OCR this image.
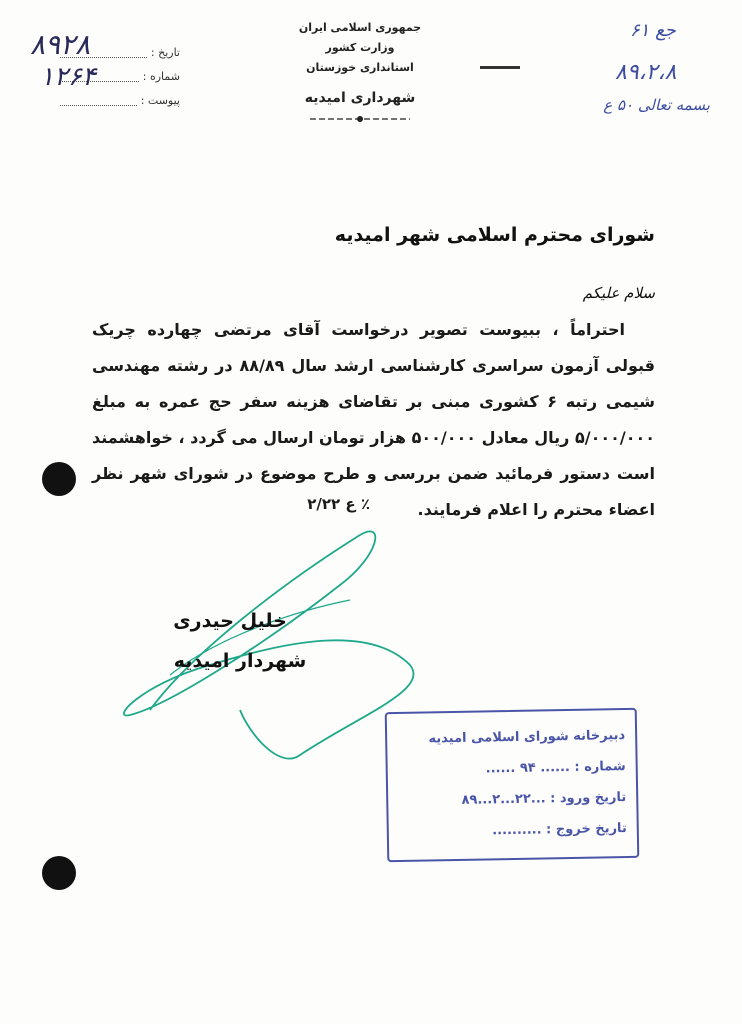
جمهوری اسلامی ایران
وزارت کشور
استانداری خوزستان
شهرداری امیدیه
تاریخ :
شماره :
پیوست :
۸۹۲۸
۱۲۶۴
جع ۶۱
۸۹،۲،۸
بسمه تعالی ۵۰ ع
شورای محترم اسلامی شهر امیدیه
سلام علیکم
احتراماً ، ببیوست تصویر درخواست آقای مرتضی چهارده چریک قبولی آزمون سراسری کارشناسی ارشد سال ۸۸/۸۹ در رشته مهندسی شیمی رتبه ۶ کشوری مبنی بر تقاضای هزینه سفر حج عمره به مبلغ ۵/۰۰۰/۰۰۰ ریال معادل ۵۰۰/۰۰۰ هزار تومان ارسال می گردد ، خواهشمند است دستور فرمائید ضمن بررسی و طرح موضوع در شورای شهر نظر اعضاء محترم را اعلام فرمایند.
٪ ع ۲/۲۲
خلیل حیدری
شهردار امیدیه
دبیرخانه شورای اسلامی امیدیه
شماره : ...... ۹۴ ......
تاریخ ورود : ...۲۲...۲...۸۹
تاریخ خروج : ..........
